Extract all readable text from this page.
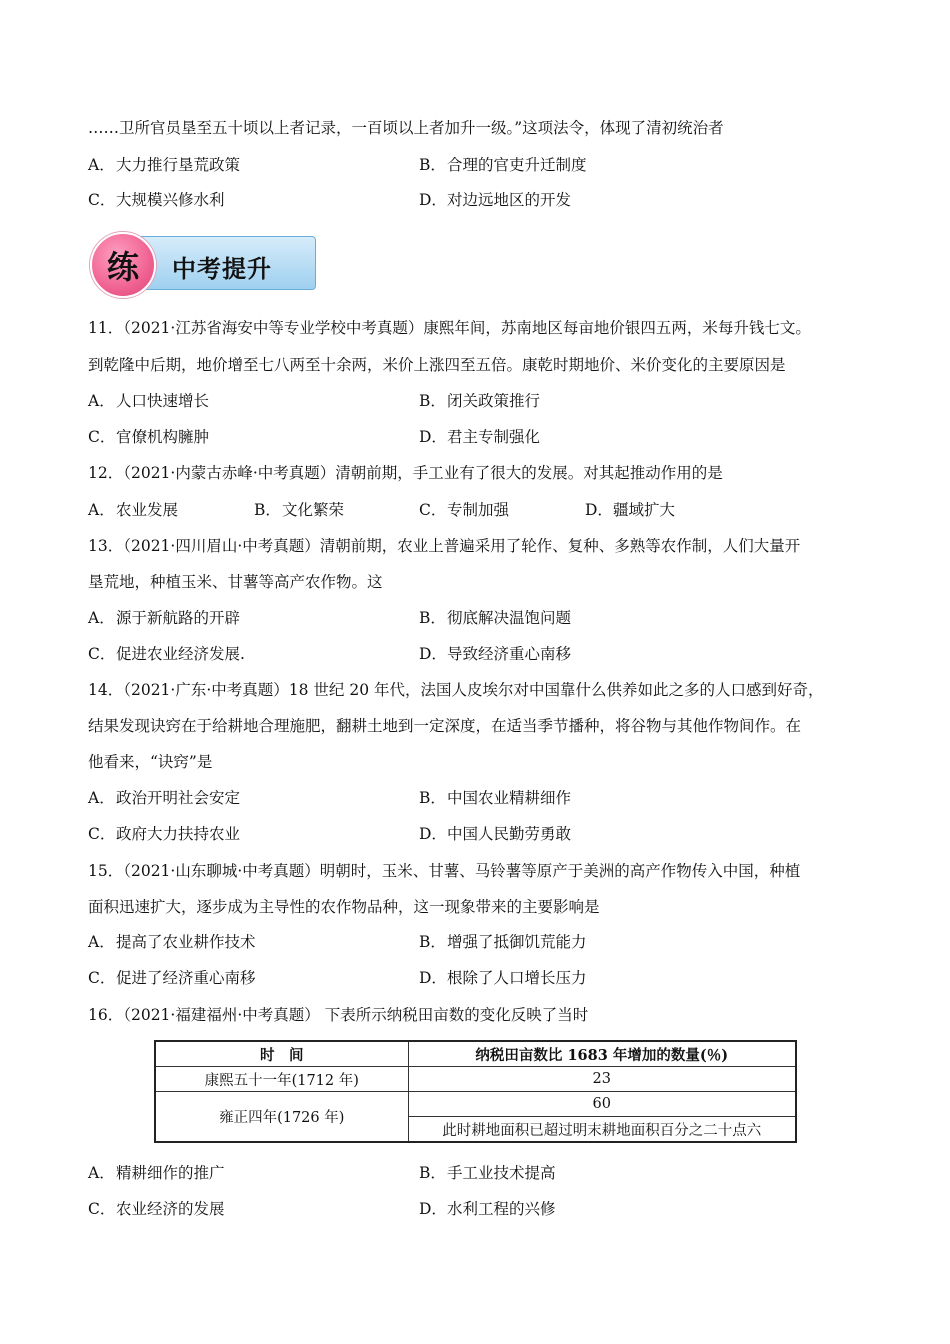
……卫所官员垦至五十顷以上者记录，一百顷以上者加升一级。”这项法令，体现了清初统治者
A．大力推行垦荒政策	B．合理的官吏升迁制度
C．大规模兴修水利	D．对边远地区的开发
练 中考提升
11．（2021·江苏省海安中等专业学校中考真题）康熙年间，苏南地区每亩地价银四五两，米每升钱七文。
到乾隆中后期，地价增至七八两至十余两，米价上涨四至五倍。康乾时期地价、米价变化的主要原因是
A．人口快速增长	B．闭关政策推行
C．官僚机构臃肿	D．君主专制强化
12．（2021·内蒙古赤峰·中考真题）清朝前期，手工业有了很大的发展。对其起推动作用的是
A．农业发展	B．文化繁荣	C．专制加强	D．疆域扩大
13．（2021·四川眉山·中考真题）清朝前期，农业上普遍采用了轮作、复种、多熟等农作制，人们大量开
垦荒地，种植玉米、甘薯等高产农作物。这
A．源于新航路的开辟	B．彻底解决温饱问题
C．促进农业经济发展.	D．导致经济重心南移
14．（2021·广东·中考真题）18 世纪 20 年代，法国人皮埃尔对中国靠什么供养如此之多的人口感到好奇，
结果发现诀窍在于给耕地合理施肥，翻耕土地到一定深度，在适当季节播种，将谷物与其他作物间作。在
他看来，“诀窍”是
A．政治开明社会安定	B．中国农业精耕细作
C．政府大力扶持农业	D．中国人民勤劳勇敢
15．（2021·山东聊城·中考真题）明朝时，玉米、甘薯、马铃薯等原产于美洲的高产作物传入中国，种植
面积迅速扩大，逐步成为主导性的农作物品种，这一现象带来的主要影响是
A．提高了农业耕作技术	B．增强了抵御饥荒能力
C．促进了经济重心南移	D．根除了人口增长压力
16．（2021·福建福州·中考真题） 下表所示纳税田亩数的变化反映了当时
时　间	纳税田亩数比 1683 年增加的数量(％)
康熙五十一年(1712 年)	23
雍正四年(1726 年)	60
	此时耕地面积已超过明末耕地面积百分之二十点六
A．精耕细作的推广	B．手工业技术提高
C．农业经济的发展	D．水利工程的兴修
